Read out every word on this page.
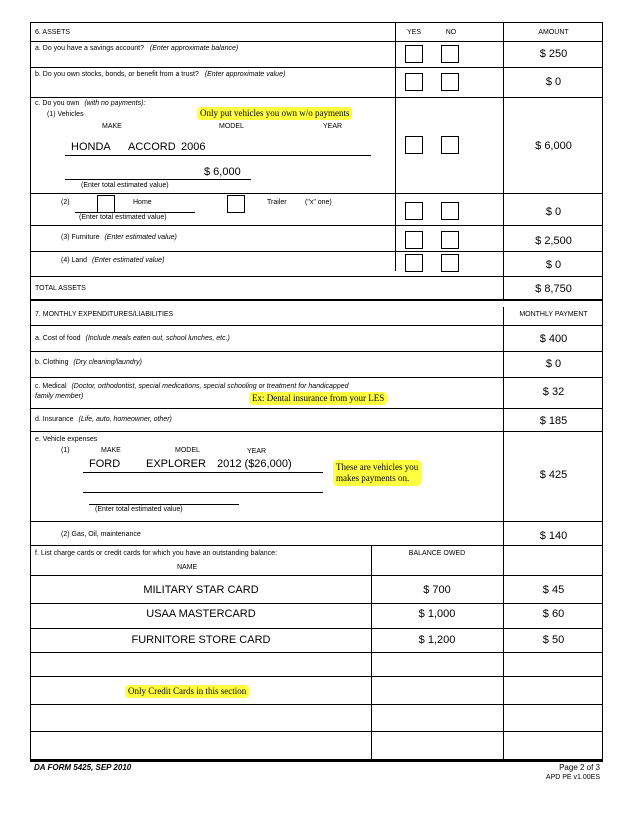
6. ASSETS	YES	NO	AMOUNT
a. Do you have a savings account? (Enter approximate balance)	$ 250
b. Do you own stocks, bonds, or benefit from a trust? (Enter approximate value)
$ 0
c. Do you own (with no payments):
(1) Vehicles	Only put vehicles you own w/o payments
MAKE	MODEL	YEAR
HONDA ACCORD 2006	$ 6,000
$ 6,000
(Enter total estimated value)
(2)	Home	Trailer	("x" one)
(Enter total estimated value)	$ 0
(3) Furniture (Enter estimated value)	$ 2,500
(4) Land (Enter estimated value)	$ 0
TOTAL ASSETS	$ 8,750
7. MONTHLY EXPENDITURES/LIABILITIES	MONTHLY PAYMENT
a. Cost of food (Include meals eaten out, school lunches, etc.)	$ 400
b. Clothing (Dry cleaning/laundry)	$ 0
c. Medical (Doctor, orthodontist, special medications, special schooling or treatment for handicapped
family member)	Ex: Dental insurance from your LES	$ 32
d. Insurance (Life, auto, homeowner, other)	$ 185
e. Vehicle expenses
(1)	MAKE	MODEL	YEAR
FORD EXPLORER 2012 ($26,000)	These are vehicles you
makes payments on.
(Enter total estimated value)
$ 425
(2) Gas, Oil, maintenance	$ 140
f. List charge cards or credit cards for which you have an outstanding balance:
NAME
BALANCE OWED
MILITARY STAR CARD	$ 700	$ 45
USAA MASTERCARD	$ 1,000	$ 60
FURNITORE STORE CARD	$ 1,200	$ 50
Only Credit Cards in this section
DA FORM 5425, SEP 2010	Page 2 of 3
APD PE v1.00ES
